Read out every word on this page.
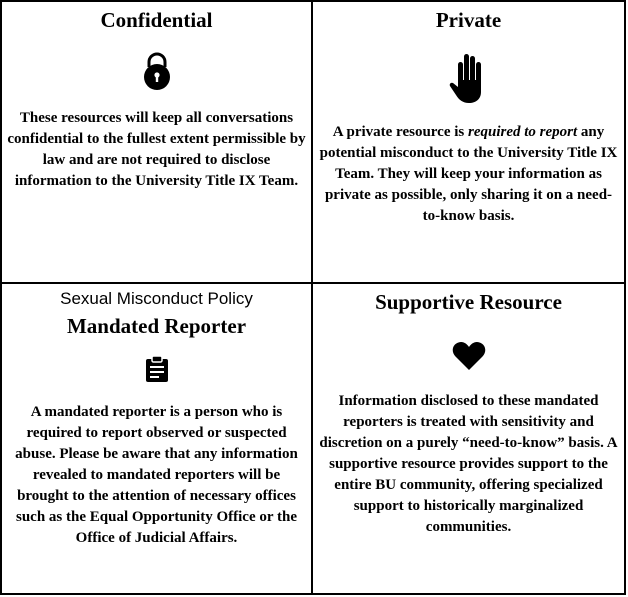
Confidential

These resources will keep all conversations confidential to the fullest extent permissible by law and are not required to disclose information to the University Title IX Team.

Private

A private resource is required to report any potential misconduct to the University Title IX Team. They will keep your information as private as possible, only sharing it on a need-to-know basis.

Sexual Misconduct Policy

Mandated Reporter

A mandated reporter is a person who is required to report observed or suspected abuse. Please be aware that any information revealed to mandated reporters will be brought to the attention of necessary offices such as the Equal Opportunity Office or the Office of Judicial Affairs.

Supportive Resource

Information disclosed to these mandated reporters is treated with sensitivity and discretion on a purely “need-to-know” basis. A supportive resource provides support to the entire BU community, offering specialized support to historically marginalized communities.
